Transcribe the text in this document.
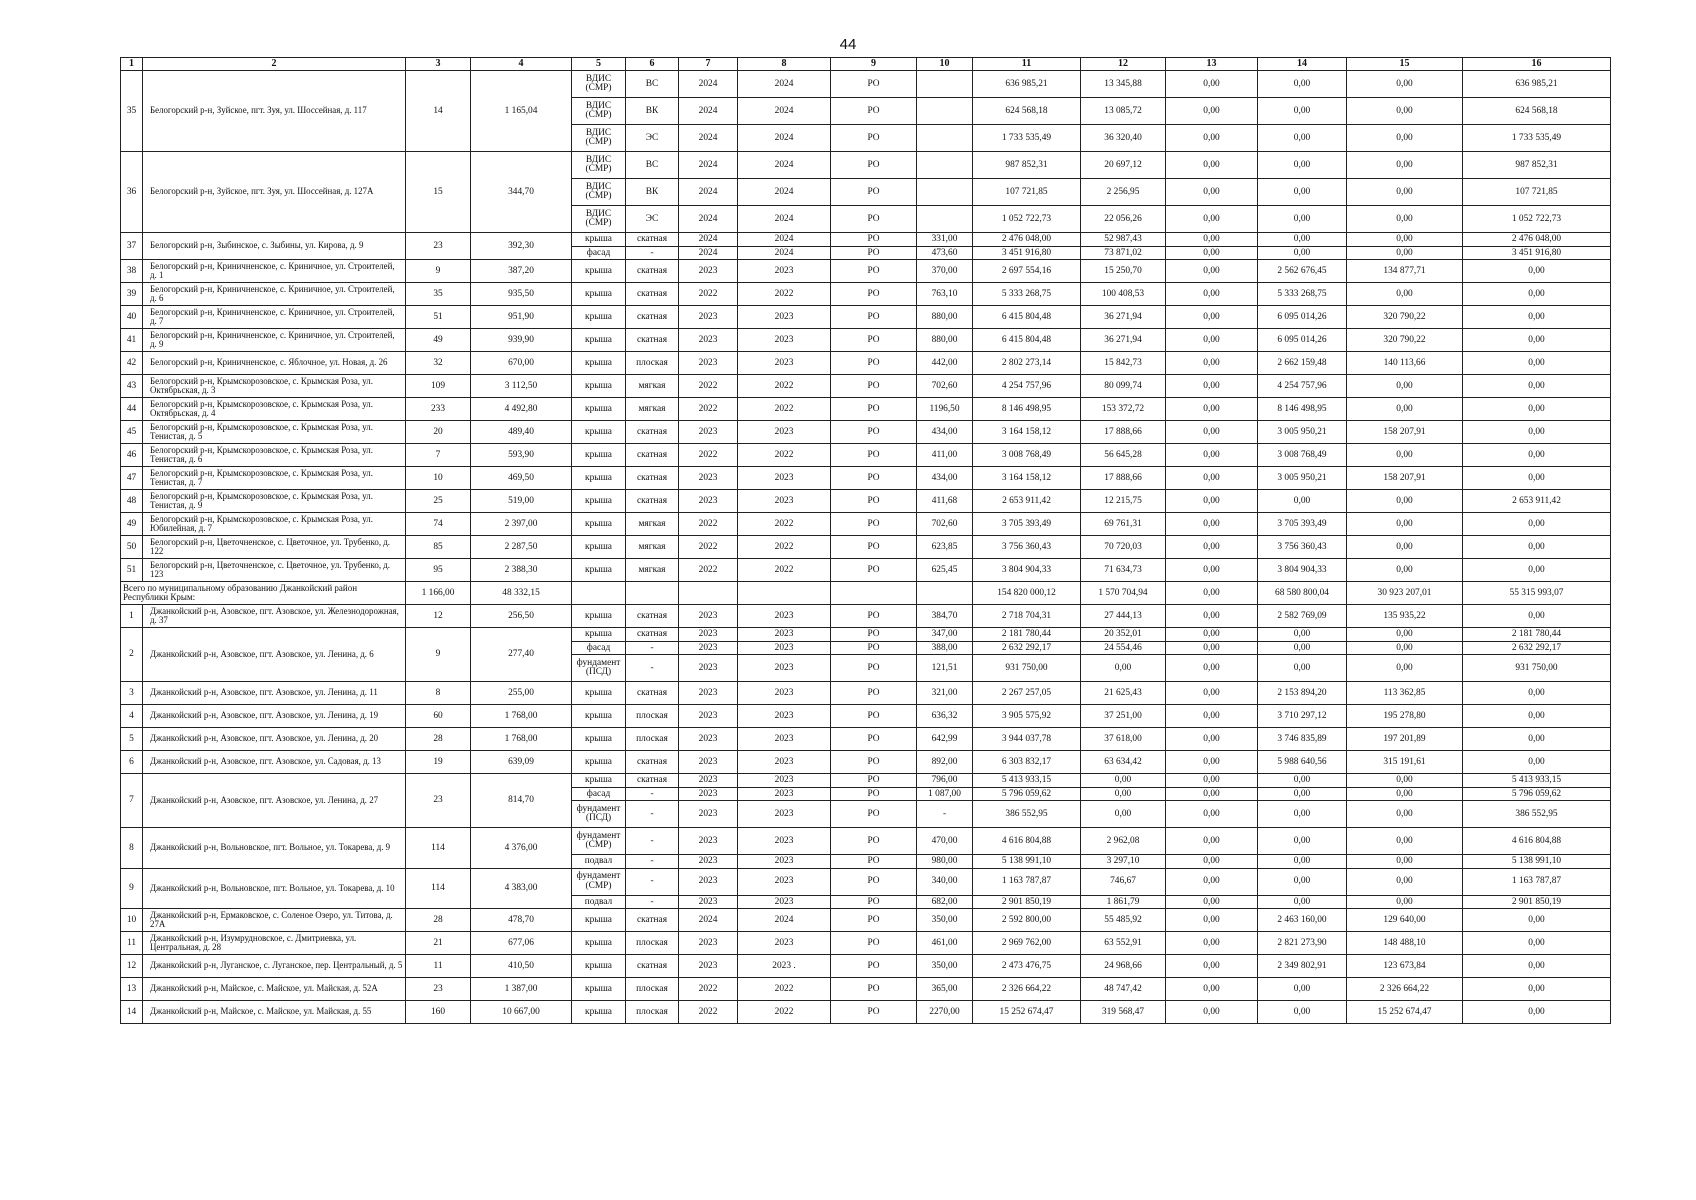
44
1	2	3	4	5	6	7	8	9	10	11	12	13	14	15	16
35	Белогорский р-н, Зуйское, пгт. Зуя, ул. Шоссейная, д. 117	14	1 165,04	ВДИС (СМР)	ВС	2024	2024	РО		636 985,21	13 345,88	0,00	0,00	0,00	636 985,21
				ВДИС (СМР)	ВК	2024	2024	РО		624 568,18	13 085,72	0,00	0,00	0,00	624 568,18
				ВДИС (СМР)	ЭС	2024	2024	РО		1 733 535,49	36 320,40	0,00	0,00	0,00	1 733 535,49
36	Белогорский р-н, Зуйское, пгт. Зуя, ул. Шоссейная, д. 127А	15	344,70	ВДИС (СМР)	ВС	2024	2024	РО		987 852,31	20 697,12	0,00	0,00	0,00	987 852,31
				ВДИС (СМР)	ВК	2024	2024	РО		107 721,85	2 256,95	0,00	0,00	0,00	107 721,85
				ВДИС (СМР)	ЭС	2024	2024	РО		1 052 722,73	22 056,26	0,00	0,00	0,00	1 052 722,73
37	Белогорский р-н, Зыбинское, с. Зыбины, ул. Кирова, д. 9	23	392,30	крыша	скатная	2024	2024	РО	331,00	2 476 048,00	52 987,43	0,00	0,00	0,00	2 476 048,00
				фасад	-	2024	2024	РО	473,60	3 451 916,80	73 871,02	0,00	0,00	0,00	3 451 916,80
38	Белогорский р-н, Криничненское, с. Криничное, ул. Строителей, д. 1	9	387,20	крыша	скатная	2023	2023	РО	370,00	2 697 554,16	15 250,70	0,00	2 562 676,45	134 877,71	0,00
39	Белогорский р-н, Криничненское, с. Криничное, ул. Строителей, д. 6	35	935,50	крыша	скатная	2022	2022	РО	763,10	5 333 268,75	100 408,53	0,00	5 333 268,75	0,00	0,00
40	Белогорский р-н, Криничненское, с. Криничное, ул. Строителей, д. 7	51	951,90	крыша	скатная	2023	2023	РО	880,00	6 415 804,48	36 271,94	0,00	6 095 014,26	320 790,22	0,00
41	Белогорский р-н, Криничненское, с. Криничное, ул. Строителей, д. 9	49	939,90	крыша	скатная	2023	2023	РО	880,00	6 415 804,48	36 271,94	0,00	6 095 014,26	320 790,22	0,00
42	Белогорский р-н, Криничненское, с. Яблочное, ул. Новая, д. 26	32	670,00	крыша	плоская	2023	2023	РО	442,00	2 802 273,14	15 842,73	0,00	2 662 159,48	140 113,66	0,00
43	Белогорский р-н, Крымскорозовское, с. Крымская Роза, ул. Октябрьская, д. 3	109	3 112,50	крыша	мягкая	2022	2022	РО	702,60	4 254 757,96	80 099,74	0,00	4 254 757,96	0,00	0,00
44	Белогорский р-н, Крымскорозовское, с. Крымская Роза, ул. Октябрьская, д. 4	233	4 492,80	крыша	мягкая	2022	2022	РО	1196,50	8 146 498,95	153 372,72	0,00	8 146 498,95	0,00	0,00
45	Белогорский р-н, Крымскорозовское, с. Крымская Роза, ул. Тенистая, д. 5	20	489,40	крыша	скатная	2023	2023	РО	434,00	3 164 158,12	17 888,66	0,00	3 005 950,21	158 207,91	0,00
46	Белогорский р-н, Крымскорозовское, с. Крымская Роза, ул. Тенистая, д. 6	7	593,90	крыша	скатная	2022	2022	РО	411,00	3 008 768,49	56 645,28	0,00	3 008 768,49	0,00	0,00
47	Белогорский р-н, Крымскорозовское, с. Крымская Роза, ул. Тенистая, д. 7	10	469,50	крыша	скатная	2023	2023	РО	434,00	3 164 158,12	17 888,66	0,00	3 005 950,21	158 207,91	0,00
48	Белогорский р-н, Крымскорозовское, с. Крымская Роза, ул. Тенистая, д. 9	25	519,00	крыша	скатная	2023	2023	РО	411,68	2 653 911,42	12 215,75	0,00	0,00	0,00	2 653 911,42
49	Белогорский р-н, Крымскорозовское, с. Крымская Роза, ул. Юбилейная, д. 7	74	2 397,00	крыша	мягкая	2022	2022	РО	702,60	3 705 393,49	69 761,31	0,00	3 705 393,49	0,00	0,00
50	Белогорский р-н, Цветочненское, с. Цветочное, ул. Трубенко, д. 122	85	2 287,50	крыша	мягкая	2022	2022	РО	623,85	3 756 360,43	70 720,03	0,00	3 756 360,43	0,00	0,00
51	Белогорский р-н, Цветочненское, с. Цветочное, ул. Трубенко, д. 123	95	2 388,30	крыша	мягкая	2022	2022	РО	625,45	3 804 904,33	71 634,73	0,00	3 804 904,33	0,00	0,00
Всего по муниципальному образованию Джанкойский район Республики Крым:		1 166,00	48 332,15							154 820 000,12	1 570 704,94	0,00	68 580 800,04	30 923 207,01	55 315 993,07
1	Джанкойский р-н, Азовское, пгт. Азовское, ул. Железнодорожная, д. 37	12	256,50	крыша	скатная	2023	2023	РО	384,70	2 718 704,31	27 444,13	0,00	2 582 769,09	135 935,22	0,00
2	Джанкойский р-н, Азовское, пгт. Азовское, ул. Ленина, д. 6	9	277,40	крыша	скатная	2023	2023	РО	347,00	2 181 780,44	20 352,01	0,00	0,00	0,00	2 181 780,44
				фасад	-	2023	2023	РО	388,00	2 632 292,17	24 554,46	0,00	0,00	0,00	2 632 292,17
				фундамент (ПСД)	-	2023	2023	РО	121,51	931 750,00	0,00	0,00	0,00	0,00	931 750,00
3	Джанкойский р-н, Азовское, пгт. Азовское, ул. Ленина, д. 11	8	255,00	крыша	скатная	2023	2023	РО	321,00	2 267 257,05	21 625,43	0,00	2 153 894,20	113 362,85	0,00
4	Джанкойский р-н, Азовское, пгт. Азовское, ул. Ленина, д. 19	60	1 768,00	крыша	плоская	2023	2023	РО	636,32	3 905 575,92	37 251,00	0,00	3 710 297,12	195 278,80	0,00
5	Джанкойский р-н, Азовское, пгт. Азовское, ул. Ленина, д. 20	28	1 768,00	крыша	плоская	2023	2023	РО	642,99	3 944 037,78	37 618,00	0,00	3 746 835,89	197 201,89	0,00
6	Джанкойский р-н, Азовское, пгт. Азовское, ул. Садовая, д. 13	19	639,09	крыша	скатная	2023	2023	РО	892,00	6 303 832,17	63 634,42	0,00	5 988 640,56	315 191,61	0,00
7	Джанкойский р-н, Азовское, пгт. Азовское, ул. Ленина, д. 27	23	814,70	крыша	скатная	2023	2023	РО	796,00	5 413 933,15	0,00	0,00	0,00	0,00	5 413 933,15
				фасад	-	2023	2023	РО	1 087,00	5 796 059,62	0,00	0,00	0,00	0,00	5 796 059,62
				фундамент (ПСД)	-	2023	2023	РО	-	386 552,95	0,00	0,00	0,00	0,00	386 552,95
8	Джанкойский р-н, Вольновское, пгт. Вольное, ул. Токарева, д. 9	114	4 376,00	фундамент (СМР)	-	2023	2023	РО	470,00	4 616 804,88	2 962,08	0,00	0,00	0,00	4 616 804,88
				подвал	-	2023	2023	РО	980,00	5 138 991,10	3 297,10	0,00	0,00	0,00	5 138 991,10
9	Джанкойский р-н, Вольновское, пгт. Вольное, ул. Токарева, д. 10	114	4 383,00	фундамент (СМР)	-	2023	2023	РО	340,00	1 163 787,87	746,67	0,00	0,00	0,00	1 163 787,87
				подвал	-	2023	2023	РО	682,00	2 901 850,19	1 861,79	0,00	0,00	0,00	2 901 850,19
10	Джанкойский р-н, Ермаковское, с. Соленое Озеро, ул. Титова, д. 27А	28	478,70	крыша	скатная	2024	2024	РО	350,00	2 592 800,00	55 485,92	0,00	2 463 160,00	129 640,00	0,00
11	Джанкойский р-н, Изумрудновское, с. Дмитриевка, ул. Центральная, д. 28	21	677,06	крыша	плоская	2023	2023	РО	461,00	2 969 762,00	63 552,91	0,00	2 821 273,90	148 488,10	0,00
12	Джанкойский р-н, Луганское, с. Луганское, пер. Центральный, д. 5	11	410,50	крыша	скатная	2023	2023 .	РО	350,00	2 473 476,75	24 968,66	0,00	2 349 802,91	123 673,84	0,00
13	Джанкойский р-н, Майское, с. Майское, ул. Майская, д. 52А	23	1 387,00	крыша	плоская	2022	2022	РО	365,00	2 326 664,22	48 747,42	0,00	0,00	2 326 664,22	0,00
14	Джанкойский р-н, Майское, с. Майское, ул. Майская, д. 55	160	10 667,00	крыша	плоская	2022	2022	РО	2270,00	15 252 674,47	319 568,47	0,00	0,00	15 252 674,47	0,00
